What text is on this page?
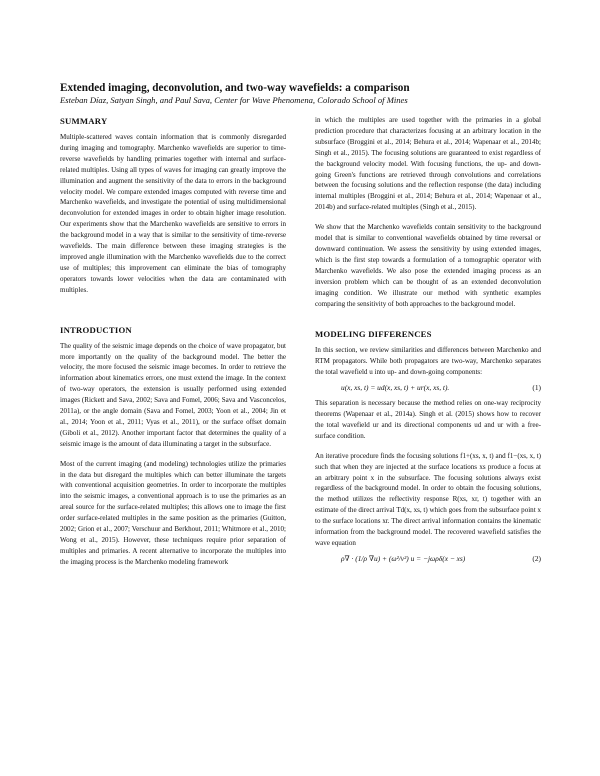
Extended imaging, deconvolution, and two-way wavefields: a comparison
Esteban Díaz, Satyan Singh, and Paul Sava, Center for Wave Phenomena, Colorado School of Mines
SUMMARY

Multiple-scattered waves contain information that is commonly disregarded during imaging and tomography. Marchenko wavefields are superior to time-reverse wavefields by handling primaries together with internal and surface-related multiples. Using all types of waves for imaging can greatly improve the illumination and augment the sensitivity of the data to errors in the background velocity model. We compare extended images computed with reverse time and Marchenko wavefields, and investigate the potential of using multidimensional deconvolution for extended images in order to obtain higher image resolution. Our experiments show that the Marchenko wavefields are sensitive to errors in the background model in a way that is similar to the sensitivity of time-reverse wavefields. The main difference between these imaging strategies is the improved angle illumination with the Marchenko wavefields due to the correct use of multiples; this improvement can eliminate the bias of tomography operators towards lower velocities when the data are contaminated with multiples.

INTRODUCTION

The quality of the seismic image depends on the choice of wave propagator, but more importantly on the quality of the background model. The better the velocity, the more focused the seismic image becomes. In order to retrieve the information about kinematics errors, one must extend the image. In the context of two-way operators, the extension is usually performed using extended images (Rickett and Sava, 2002; Sava and Fomel, 2006; Sava and Vasconcelos, 2011a), or the angle domain (Sava and Fomel, 2003; Yoon et al., 2004; Jin et al., 2014; Yoon et al., 2011; Vyas et al., 2011), or the surface offset domain (Giboli et al., 2012). Another important factor that determines the quality of a seismic image is the amount of data illuminating a target in the subsurface.

Most of the current imaging (and modeling) technologies utilize the primaries in the data but disregard the multiples which can better illuminate the targets with conventional acquisition geometries. In order to incorporate the multiples into the seismic images, a conventional approach is to use the primaries as an areal source for the surface-related multiples; this allows one to image the first order surface-related multiples in the same position as the primaries (Guitton, 2002; Grion et al., 2007; Verschuur and Berkhout, 2011; Whitmore et al., 2010; Wong et al., 2015). However, these techniques require prior separation of multiples and primaries. A recent alternative to incorporate the multiples into the imaging process is the Marchenko modeling framework

in which the multiples are used together with the primaries in a global prediction procedure that characterizes focusing at an arbitrary location in the subsurface (Broggini et al., 2014; Behura et al., 2014; Wapenaar et al., 2014b; Singh et al., 2015). The focusing solutions are guaranteed to exist regardless of the background velocity model. With focusing functions, the up- and down-going Green's functions are retrieved through convolutions and correlations between the focusing solutions and the reflection response (the data) including internal multiples (Broggini et al., 2014; Behura et al., 2014; Wapenaar et al., 2014b) and surface-related multiples (Singh et al., 2015).

We show that the Marchenko wavefields contain sensitivity to the background model that is similar to conventional wavefields obtained by time reversal or downward continuation. We assess the sensitivity by using extended images, which is the first step towards a formulation of a tomographic operator with Marchenko wavefields. We also pose the extended imaging process as an inversion problem which can be thought of as an extended deconvolution imaging condition. We illustrate our method with synthetic examples comparing the sensitivity of both approaches to the background model.

MODELING DIFFERENCES

In this section, we review similarities and differences between Marchenko and RTM propagators. While both propagators are two-way, Marchenko separates the total wavefield u into up- and down-going components:

u(x, xs, t) = ud(x, xs, t) + ur(x, xs, t).	(1)

This separation is necessary because the method relies on one-way reciprocity theorems (Wapenaar et al., 2014a). Singh et al. (2015) shows how to recover the total wavefield ur and its directional components ud and ur with a free-surface condition.

An iterative procedure finds the focusing solutions f1+(xs, x, t) and f1−(xs, x, t) such that when they are injected at the surface locations xs produce a focus at an arbitrary point x in the subsurface. The focusing solutions always exist regardless of the background model. In order to obtain the focusing solutions, the method utilizes the reflectivity response R(xs, xr, t) together with an estimate of the direct arrival Td(x, xs, t) which goes from the subsurface point x to the surface locations xr. The direct arrival information contains the kinematic information from the background model. The recovered wavefield satisfies the wave equation

ρ∇ · (1/ρ ∇u) + (ω²/v²) u = −jωρδ(x − xs)	(2)
